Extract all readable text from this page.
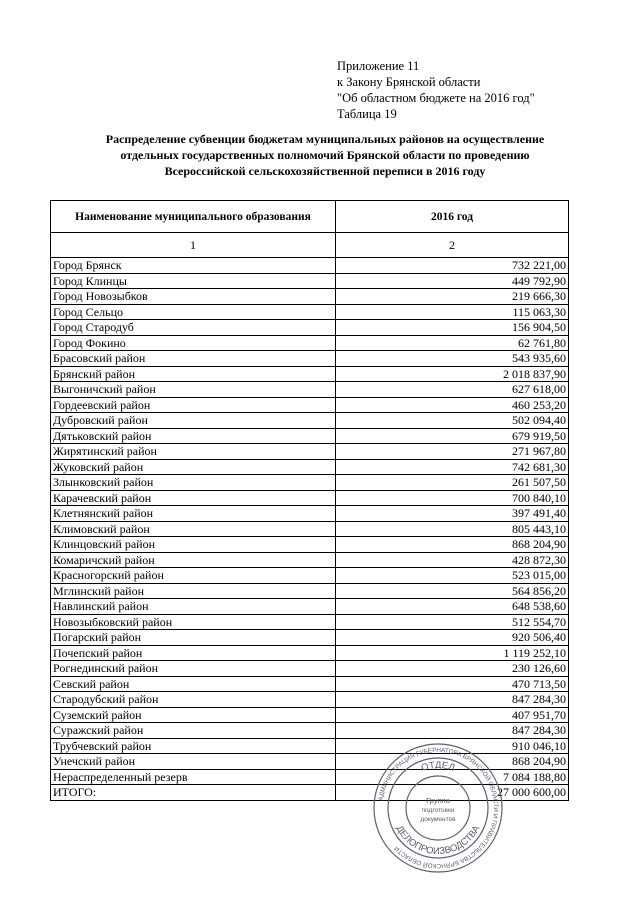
Приложение 11
к Закону Брянской области
"Об областном бюджете на 2016 год"
Таблица 19
Распределение субвенции бюджетам муниципальных районов на осуществление
отдельных государственных полномочий Брянской области по проведению
Всероссийской сельскохозяйственной переписи в 2016 году
Наименование муниципального образования	2016 год
1	2
Город Брянск	732 221,00
Город Клинцы	449 792,90
Город Новозыбков	219 666,30
Город Сельцо	115 063,30
Город Стародуб	156 904,50
Город Фокино	62 761,80
Брасовский район	543 935,60
Брянский район	2 018 837,90
Выгоничский район	627 618,00
Гордеевский район	460 253,20
Дубровский район	502 094,40
Дятьковский район	679 919,50
Жирятинский район	271 967,80
Жуковский район	742 681,30
Злынковский район	261 507,50
Карачевский район	700 840,10
Клетнянский район	397 491,40
Климовский район	805 443,10
Клинцовский район	868 204,90
Комаричский район	428 872,30
Красногорский район	523 015,00
Мглинский район	564 856,20
Навлинский район	648 538,60
Новозыбковский район	512 554,70
Погарский район	920 506,40
Почепский район	1 119 252,10
Рогнединский район	230 126,60
Севский район	470 713,50
Стародубский район	847 284,30
Суземский район	407 951,70
Суражский район	847 284,30
Трубчевский район	910 046,10
Унечский район	868 204,90
Нераспределенный резерв	7 084 188,80
ИТОГО:	27 000 600,00
АДМИНИСТРАЦИЯ ГУБЕРНАТОРА БРЯНСКОЙ ОБЛАСТИ И ПРАВИТЕЛЬСТВА БРЯНСКОЙ ОБЛАСТИ
ОТДЕЛ
ДЕЛОПРОИЗВОДСТВА
Группа
подготовки
документов
